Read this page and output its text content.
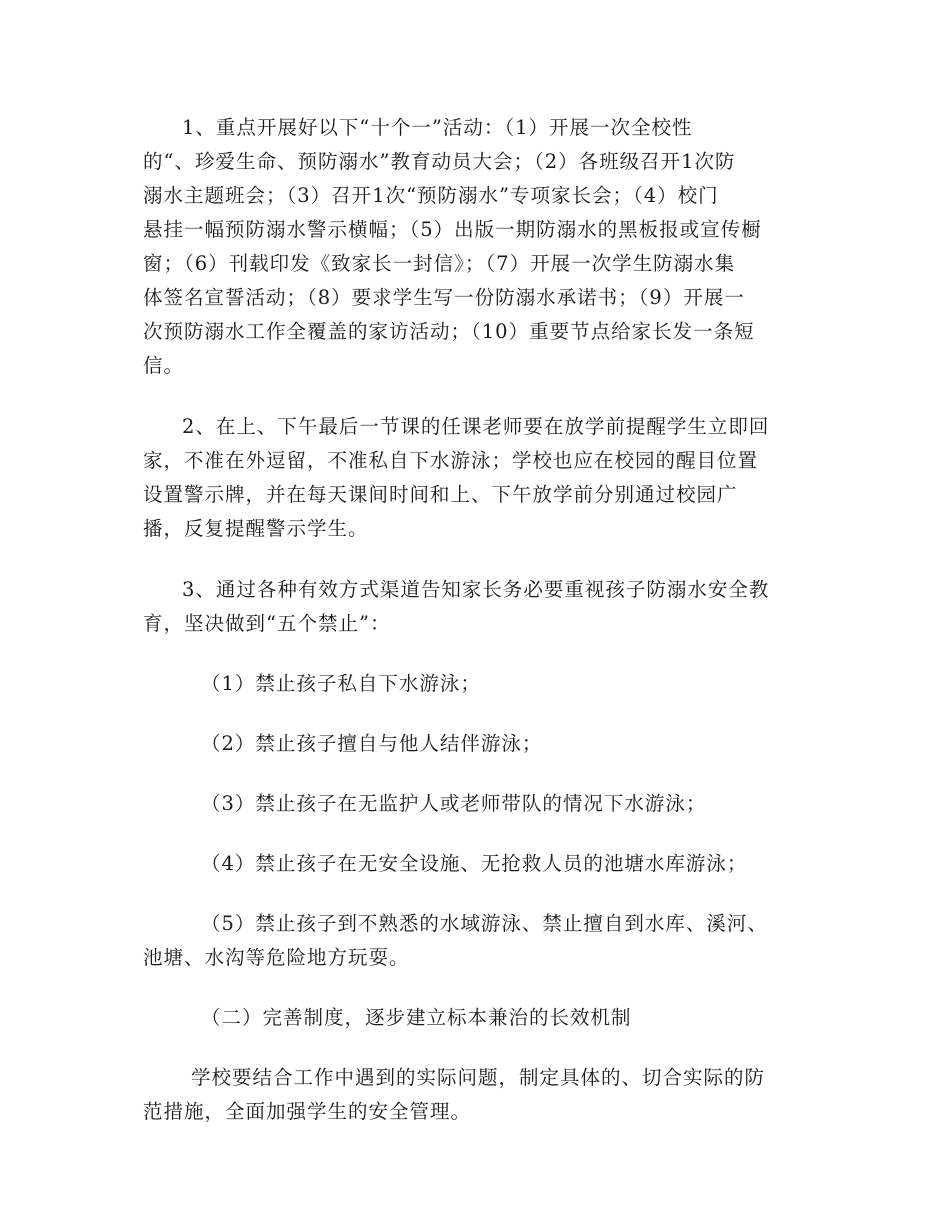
1、重点开展好以下“十个一”活动：（1）开展一次全校性
的“、珍爱生命、预防溺水”教育动员大会；（2）各班级召开1次防
溺水主题班会；（3）召开1次“预防溺水”专项家长会；（4）校门
悬挂一幅预防溺水警示横幅；（5）出版一期防溺水的黑板报或宣传橱
窗；（6）刊载印发《致家长一封信》；（7）开展一次学生防溺水集
体签名宣誓活动；（8）要求学生写一份防溺水承诺书；（9）开展一
次预防溺水工作全覆盖的家访活动；（10）重要节点给家长发一条短
信。
2、在上、下午最后一节课的任课老师要在放学前提醒学生立即回
家，不准在外逗留，不准私自下水游泳；学校也应在校园的醒目位置
设置警示牌，并在每天课间时间和上、下午放学前分别通过校园广
播，反复提醒警示学生。
3、通过各种有效方式渠道告知家长务必要重视孩子防溺水安全教
育，坚决做到“五个禁止”：
（1）禁止孩子私自下水游泳；
（2）禁止孩子擅自与他人结伴游泳；
（3）禁止孩子在无监护人或老师带队的情况下水游泳；
（4）禁止孩子在无安全设施、无抢救人员的池塘水库游泳；
（5）禁止孩子到不熟悉的水域游泳、禁止擅自到水库、溪河、
池塘、水沟等危险地方玩耍。
（二）完善制度，逐步建立标本兼治的长效机制
学校要结合工作中遇到的实际问题，制定具体的、切合实际的防
范措施，全面加强学生的安全管理。
